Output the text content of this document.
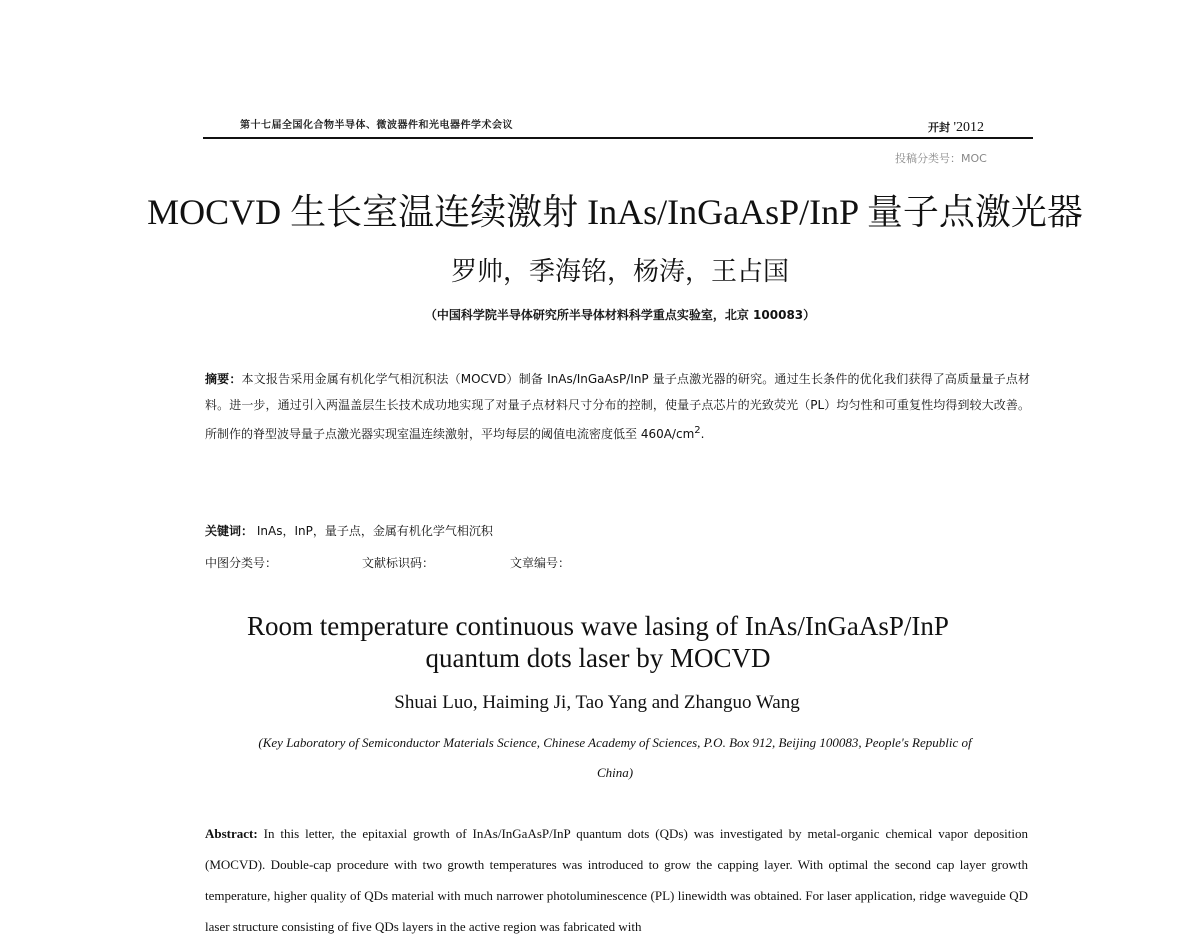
第十七届全国化合物半导体、微波器件和光电器件学术会议	开封 '2012
投稿分类号：MOC
MOCVD 生长室温连续激射 InAs/InGaAsP/InP 量子点激光器
罗帅，季海铭，杨涛，王占国
（中国科学院半导体研究所半导体材料科学重点实验室，北京 100083）
摘要：本文报告采用金属有机化学气相沉积法（MOCVD）制备 InAs/InGaAsP/InP 量子点激光器的研究。通过生长条件的优化我们获得了高质量量子点材料。进一步，通过引入两温盖层生长技术成功地实现了对量子点材料尺寸分布的控制，使量子点芯片的光致荧光（PL）均匀性和可重复性均得到较大改善。所制作的脊型波导量子点激光器实现室温连续激射，平均每层的阈值电流密度低至 $460A/cm^2$.
关键词： InAs，InP，量子点，金属有机化学气相沉积
中图分类号：	文献标识码：	文章编号：
Room temperature continuous wave lasing of InAs/InGaAsP/InP
quantum dots laser by MOCVD
Shuai Luo, Haiming Ji, Tao Yang and Zhanguo Wang
(Key Laboratory of Semiconductor Materials Science, Chinese Academy of Sciences, P.O. Box 912, Beijing 100083, People's Republic of
China)
Abstract: In this letter, the epitaxial growth of InAs/InGaAsP/InP quantum dots (QDs) was investigated by metal-organic chemical vapor deposition (MOCVD). Double-cap procedure with two growth temperatures was introduced to grow the capping layer. With optimal the second cap layer growth temperature, higher quality of QDs material with much narrower photoluminescence (PL) linewidth was obtained. For laser application, ridge waveguide QD laser structure consisting of five QDs layers in the active region was fabricated with
